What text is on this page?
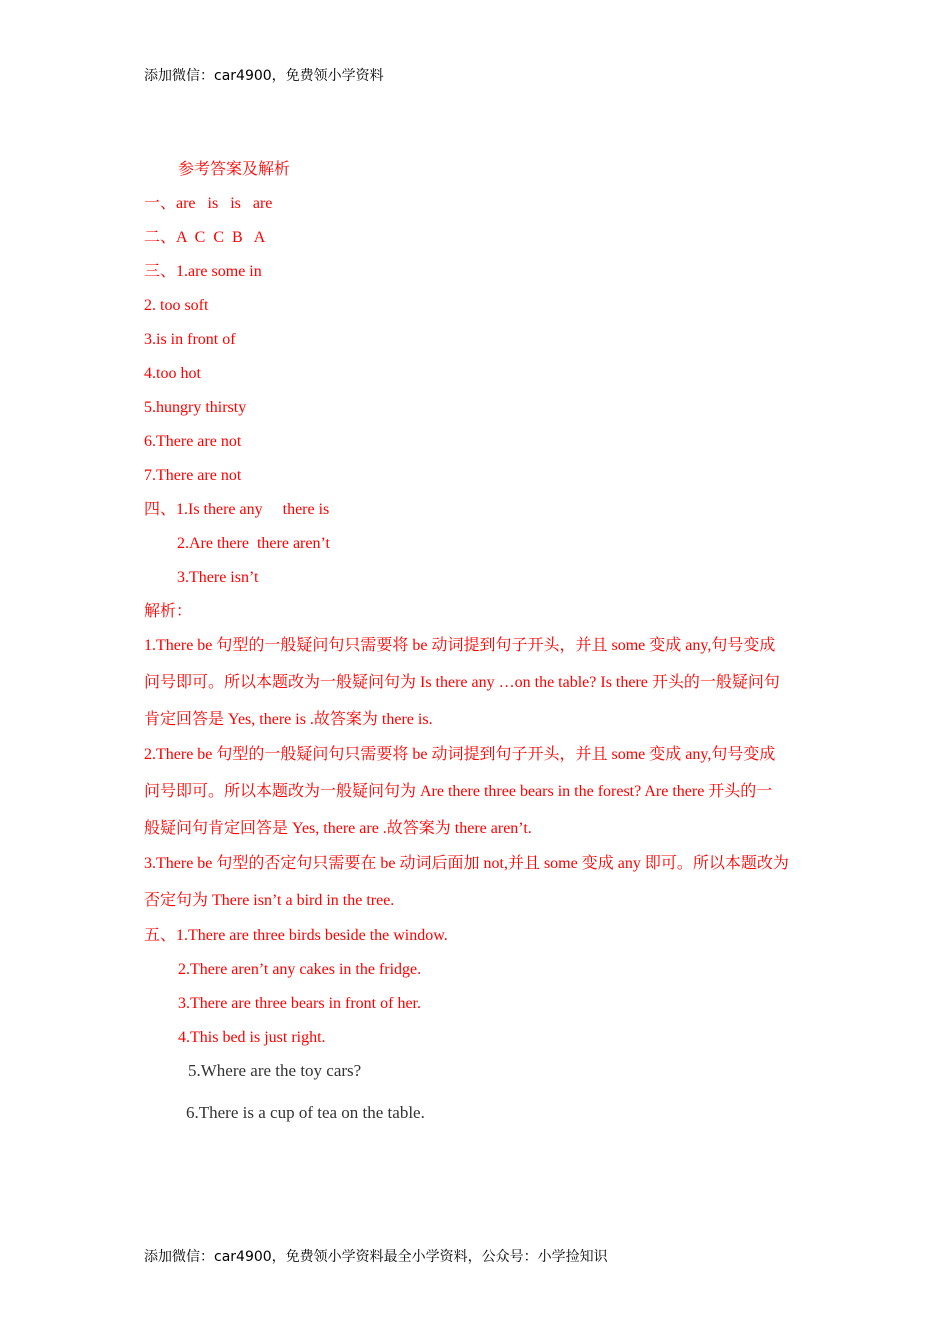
添加微信：car4900，免费领小学资料
参考答案及解析
一、are   is   is   are
二、A  C  C  B   A
三、1.are some in
2. too soft
3.is in front of
4.too hot
5.hungry thirsty
6.There are not
7.There are not
四、1.Is there any     there is
2.Are there  there aren’t
3.There isn’t
解析：
1.There be 句型的一般疑问句只需要将 be 动词提到句子开头，并且 some 变成 any,句号变成
问号即可。所以本题改为一般疑问句为 Is there any …on the table? Is there 开头的一般疑问句
肯定回答是 Yes, there is .故答案为 there is.
2.There be 句型的一般疑问句只需要将 be 动词提到句子开头，并且 some 变成 any,句号变成
问号即可。所以本题改为一般疑问句为 Are there three bears in the forest? Are there 开头的一
般疑问句肯定回答是 Yes, there are .故答案为 there aren’t.
3.There be 句型的否定句只需要在 be 动词后面加 not,并且 some 变成 any 即可。所以本题改为
否定句为 There isn’t a bird in the tree.
五、1.There are three birds beside the window.
2.There aren’t any cakes in the fridge.
3.There are three bears in front of her.
4.This bed is just right.
5.Where are the toy cars?
6.There is a cup of tea on the table.
添加微信：car4900，免费领小学资料最全小学资料，公众号：小学捡知识
